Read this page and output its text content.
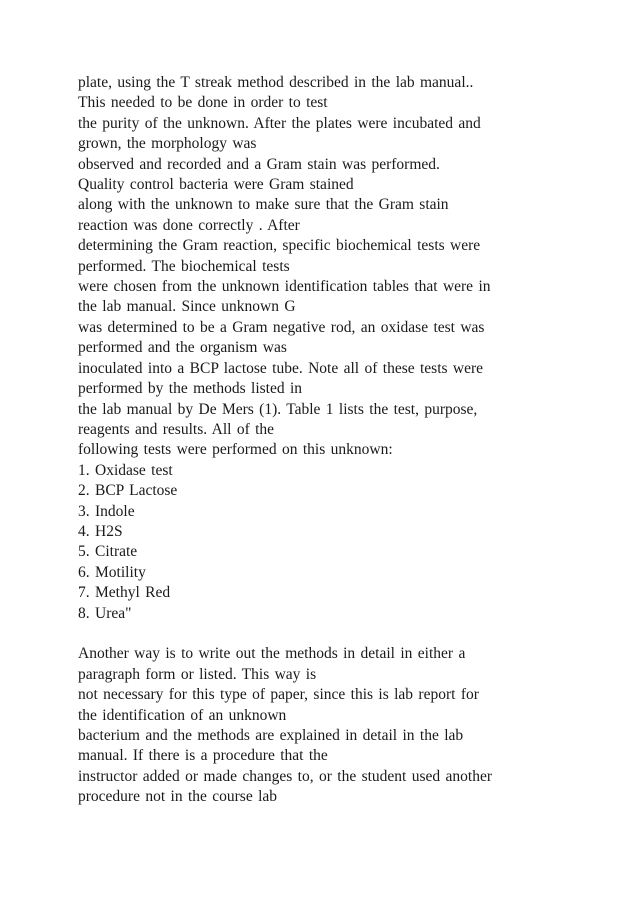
plate, using the T streak method described in the lab manual..
This needed to be done in order to test
the purity of the unknown. After the plates were incubated and
grown, the morphology was
observed and recorded and a Gram stain was performed.
Quality control bacteria were Gram stained
along with the unknown to make sure that the Gram stain
reaction was done correctly . After
determining the Gram reaction, specific biochemical tests were
performed. The biochemical tests
were chosen from the unknown identification tables that were in
the lab manual. Since unknown G
was determined to be a Gram negative rod, an oxidase test was
performed and the organism was
inoculated into a BCP lactose tube. Note all of these tests were
performed by the methods listed in
the lab manual by De Mers (1). Table 1 lists the test, purpose,
reagents and results. All of the
following tests were performed on this unknown:
1. Oxidase test
2. BCP Lactose
3. Indole
4. H2S
5. Citrate
6. Motility
7. Methyl Red
8. Urea"
Another way is to write out the methods in detail in either a
paragraph form or listed. This way is
not necessary for this type of paper, since this is lab report for
the identification of an unknown
bacterium and the methods are explained in detail in the lab
manual. If there is a procedure that the
instructor added or made changes to, or the student used another
procedure not in the course lab
